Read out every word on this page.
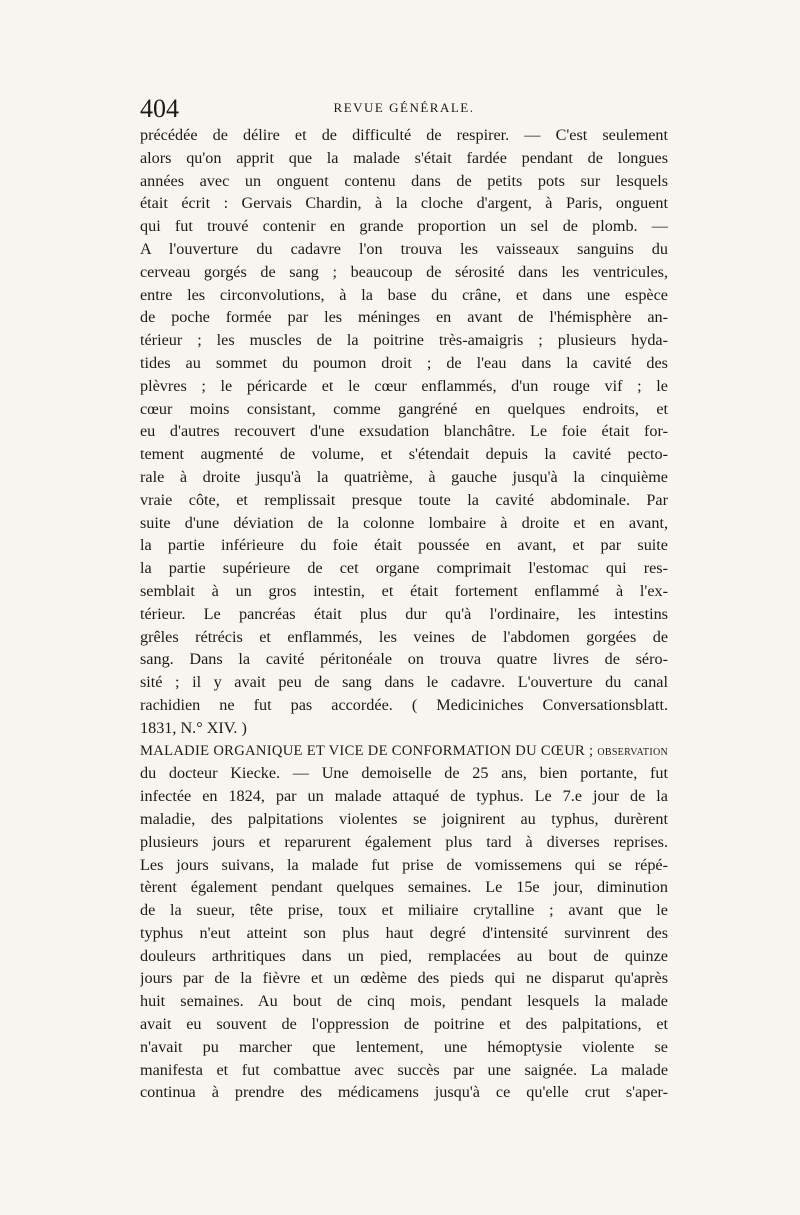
404	REVUE GÉNÉRALE.
précédée de délire et de difficulté de respirer. — C'est seulement
alors qu'on apprit que la malade s'était fardée pendant de longues
années avec un onguent contenu dans de petits pots sur lesquels
était écrit : Gervais Chardin, à la cloche d'argent, à Paris, onguent
qui fut trouvé contenir en grande proportion un sel de plomb. —
A l'ouverture du cadavre l'on trouva les vaisseaux sanguins du
cerveau gorgés de sang ; beaucoup de sérosité dans les ventricules,
entre les circonvolutions, à la base du crâne, et dans une espèce
de poche formée par les méninges en avant de l'hémisphère an-
térieur ; les muscles de la poitrine très-amaigris ; plusieurs hyda-
tides au sommet du poumon droit ; de l'eau dans la cavité des
plèvres ; le péricarde et le cœur enflammés, d'un rouge vif ; le
cœur moins consistant, comme gangréné en quelques endroits, et
eu d'autres recouvert d'une exsudation blanchâtre. Le foie était for-
tement augmenté de volume, et s'étendait depuis la cavité pecto-
rale à droite jusqu'à la quatrième, à gauche jusqu'à la cinquième
vraie côte, et remplissait presque toute la cavité abdominale. Par
suite d'une déviation de la colonne lombaire à droite et en avant,
la partie inférieure du foie était poussée en avant, et par suite
la partie supérieure de cet organe comprimait l'estomac qui res-
semblait à un gros intestin, et était fortement enflammé à l'ex-
térieur. Le pancréas était plus dur qu'à l'ordinaire, les intestins
grêles rétrécis et enflammés, les veines de l'abdomen gorgées de
sang. Dans la cavité péritonéale on trouva quatre livres de séro-
sité ; il y avait peu de sang dans le cadavre. L'ouverture du canal
rachidien ne fut pas accordée. ( Mediciniches Conversationsblatt.
1831, N.° XIV. )
MALADIE ORGANIQUE ET VICE DE CONFORMATION DU CŒUR ; observation
du docteur Kiecke. — Une demoiselle de 25 ans, bien portante, fut
infectée en 1824, par un malade attaqué de typhus. Le 7.e jour de la
maladie, des palpitations violentes se joignirent au typhus, durèrent
plusieurs jours et reparurent également plus tard à diverses reprises.
Les jours suivans, la malade fut prise de vomissemens qui se répé-
tèrent également pendant quelques semaines. Le 15e jour, diminution
de la sueur, tête prise, toux et miliaire crytalline ; avant que le
typhus n'eut atteint son plus haut degré d'intensité survinrent des
douleurs arthritiques dans un pied, remplacées au bout de quinze
jours par de la fièvre et un œdème des pieds qui ne disparut qu'après
huit semaines. Au bout de cinq mois, pendant lesquels la malade
avait eu souvent de l'oppression de poitrine et des palpitations, et
n'avait pu marcher que lentement, une hémoptysie violente se
manifesta et fut combattue avec succès par une saignée. La malade
continua à prendre des médicamens jusqu'à ce qu'elle crut s'aper-
